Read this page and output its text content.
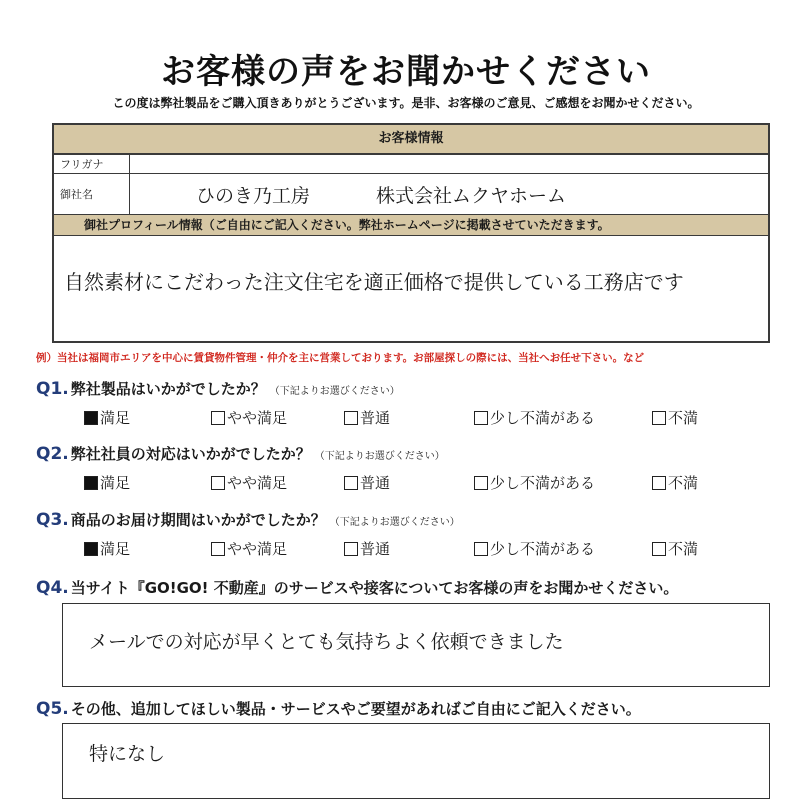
お客様の声をお聞かせください
この度は弊社製品をご購入頂きありがとうございます。是非、お客様のご意見、ご感想をお聞かせください。
お客様情報
フリガナ
御社名	ひのき乃工房	株式会社ムクヤホーム
御社プロフィール情報（ご自由にご記入ください。弊社ホームページに掲載させていただきます。
自然素材にこだわった注文住宅を適正価格で提供している工務店です
例）当社は福岡市エリアを中心に賃貸物件管理・仲介を主に営業しております。お部屋探しの際には、当社へお任せ下さい。など
Q1. 弊社製品はいかがでしたか？ （下記よりお選びください）
満足	やや満足	普通	少し不満がある	不満
Q2. 弊社社員の対応はいかがでしたか？ （下記よりお選びください）
満足	やや満足	普通	少し不満がある	不満
Q3. 商品のお届け期間はいかがでしたか？ （下記よりお選びください）
満足	やや満足	普通	少し不満がある	不満
Q4. 当サイト『GO!GO! 不動産』のサービスや接客についてお客様の声をお聞かせください。
メールでの対応が早くとても気持ちよく依頼できました
Q5. その他、追加してほしい製品・サービスやご要望があればご自由にご記入ください。
特になし
